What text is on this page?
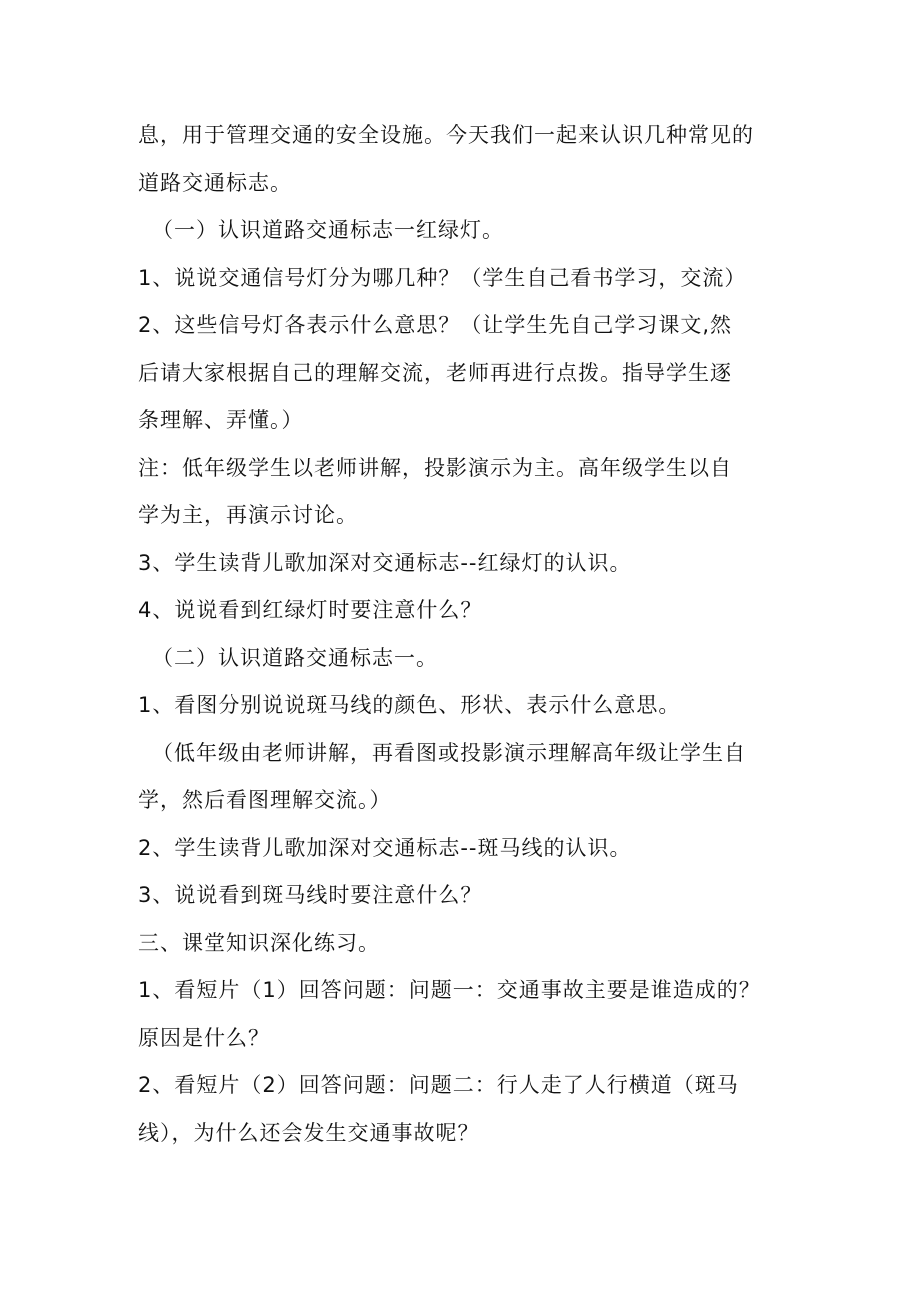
息，用于管理交通的安全设施。今天我们一起来认识几种常见的
道路交通标志。
（一）认识道路交通标志一红绿灯。
1、说说交通信号灯分为哪几种？（学生自己看书学习，交流）
2、这些信号灯各表示什么意思？（让学生先自己学习课文,然
后请大家根据自己的理解交流，老师再进行点拨。指导学生逐
条理解、弄懂。）
注：低年级学生以老师讲解，投影演示为主。高年级学生以自
学为主，再演示讨论。
3、学生读背儿歌加深对交通标志--红绿灯的认识。
4、说说看到红绿灯时要注意什么？
（二）认识道路交通标志一。
1、看图分别说说斑马线的颜色、形状、表示什么意思。
（低年级由老师讲解，再看图或投影演示理解高年级让学生自
学，然后看图理解交流。）
2、学生读背儿歌加深对交通标志--斑马线的认识。
3、说说看到斑马线时要注意什么？
三、课堂知识深化练习。
1、看短片（1）回答问题：问题一：交通事故主要是谁造成的？
原因是什么？
2、看短片（2）回答问题：问题二：行人走了人行横道（斑马
线），为什么还会发生交通事故呢？
